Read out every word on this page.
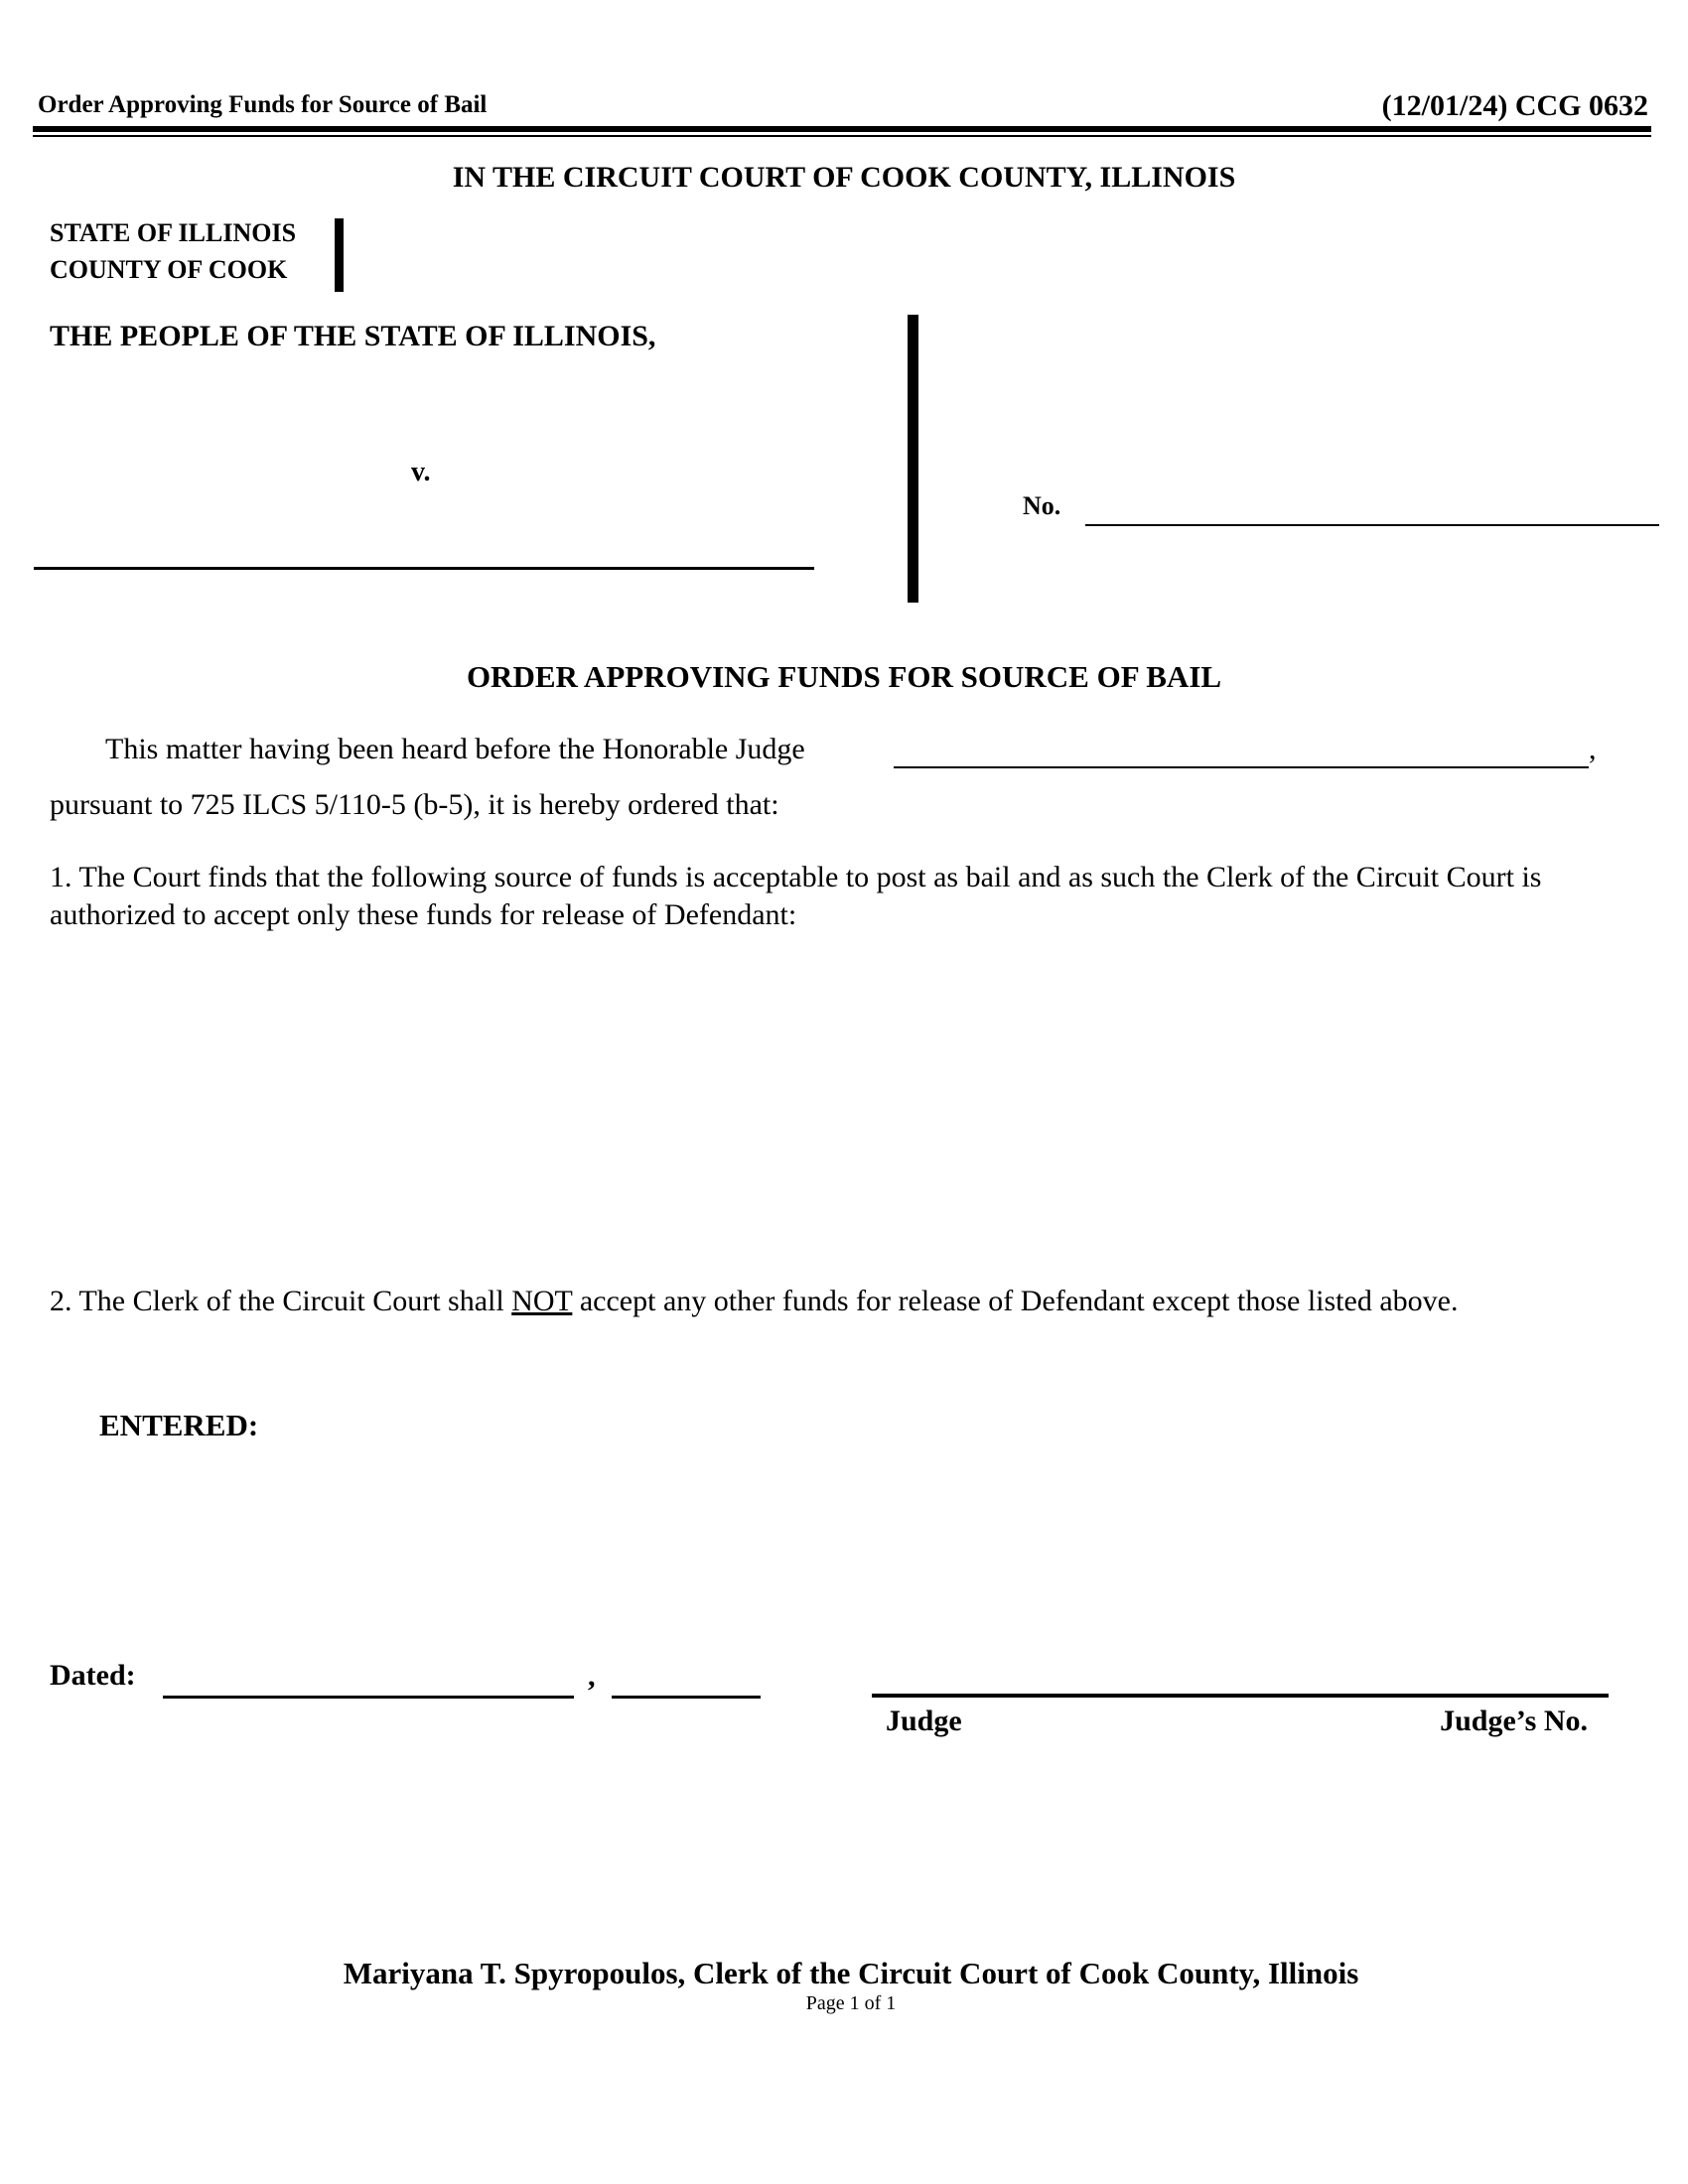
Order Approving Funds for Source of Bail	(12/01/24) CCG 0632
IN THE CIRCUIT COURT OF COOK COUNTY, ILLINOIS
STATE OF ILLINOIS
COUNTY OF COOK
THE PEOPLE OF THE STATE OF ILLINOIS,
v.
No.
ORDER APPROVING FUNDS FOR SOURCE OF BAIL
This matter having been heard before the Honorable Judge	,
pursuant to 725 ILCS 5/110-5 (b-5), it is hereby ordered that:
1. The Court finds that the following source of funds is acceptable to post as bail and as such the Clerk of the Circuit Court is authorized to accept only these funds for release of Defendant:
2. The Clerk of the Circuit Court shall NOT accept any other funds for release of Defendant except those listed above.
ENTERED:
Dated:	,
Judge	Judge’s No.
Mariyana T. Spyropoulos, Clerk of the Circuit Court of Cook County, Illinois
Page 1 of 1
